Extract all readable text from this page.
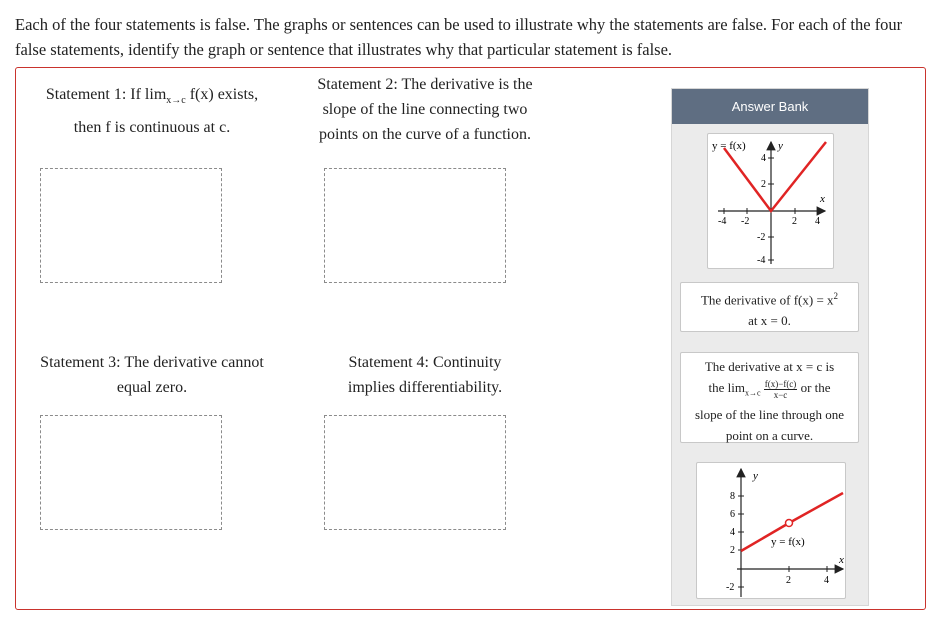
Each of the four statements is false. The graphs or sentences can be used to illustrate why the statements are false. For each of the four false statements, identify the graph or sentence that illustrates why that particular statement is false.
Statement 1: If $\lim_{x\to c} f(x)$ exists,
then f is continuous at c.
Statement 2: The derivative is the
slope of the line connecting two
points on the curve of a function.
Statement 3: The derivative cannot
equal zero.
Statement 4: Continuity
implies differentiability.
Answer Bank
y = f(x)	y
x
4
2
-2
-4
-4 -2	2 4
The derivative of $f(x) = x^2$
at x = 0.
The derivative at x = c is
the $\lim_{x\to c} \frac{f(x)-f(c)}{x-c}$ or the
slope of the line through one
point on a curve.
y
x
y = f(x)
8
6
4
2
-2
2	4
